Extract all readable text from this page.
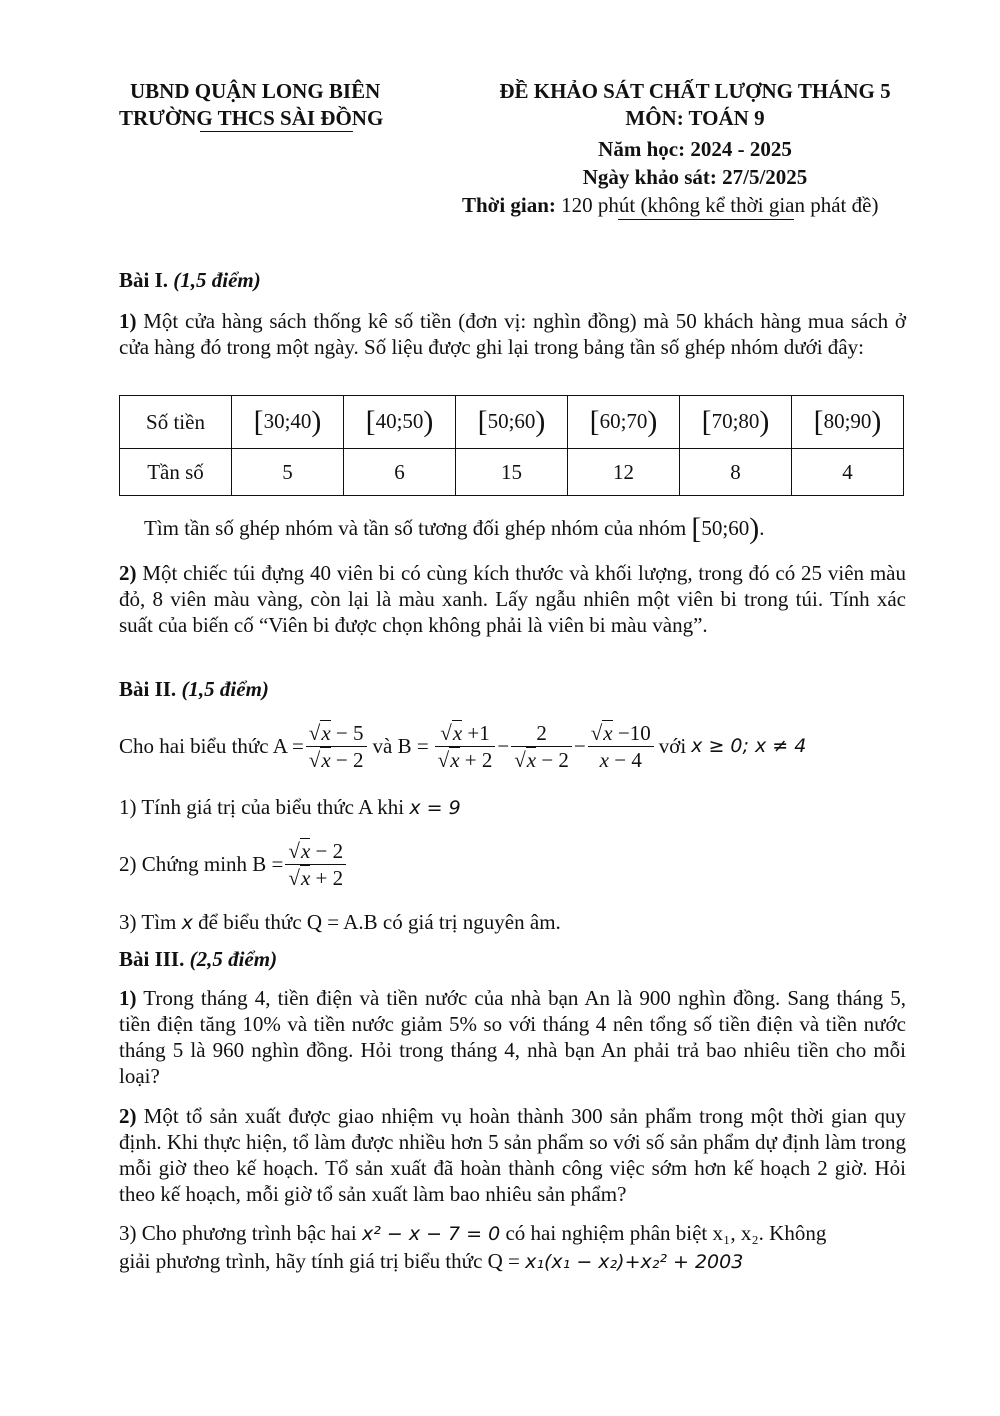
UBND QUẬN LONG BIÊN
TRƯỜNG THCS SÀI ĐỒNG
ĐỀ KHẢO SÁT CHẤT LƯỢNG THÁNG 5
MÔN: TOÁN 9
Năm học: 2024 - 2025
Ngày khảo sát: 27/5/2025
Thời gian: 120 phút (không kể thời gian phát đề)
Bài I. (1,5 điểm)
1) Một cửa hàng sách thống kê số tiền (đơn vị: nghìn đồng) mà 50 khách hàng mua sách ở cửa hàng đó trong một ngày. Số liệu được ghi lại trong bảng tần số ghép nhóm dưới đây:
Số tiền	[30;40)	[40;50)	[50;60)	[60;70)	[70;80)	[80;90)
Tần số	5	6	15	12	8	4
Tìm tần số ghép nhóm và tần số tương đối ghép nhóm của nhóm [50;60).
2) Một chiếc túi đựng 40 viên bi có cùng kích thước và khối lượng, trong đó có 25 viên màu đỏ, 8 viên màu vàng, còn lại là màu xanh. Lấy ngẫu nhiên một viên bi trong túi. Tính xác suất của biến cố “Viên bi được chọn không phải là viên bi màu vàng”.
Bài II. (1,5 điểm)
Cho hai biểu thức $A = \frac{√x - 5}{√x - 2}$ và $B = \frac{√x +1}{√x + 2} - \frac{2}{√x - 2} - \frac{√x -10}{x - 4}$ với x ≥ 0; x ≠ 4
1) Tính giá trị của biểu thức A khi x = 9
2) Chứng minh $B = \frac{√x - 2}{√x + 2}$
3) Tìm x để biểu thức Q = A.B có giá trị nguyên âm.
Bài III. (2,5 điểm)
1) Trong tháng 4, tiền điện và tiền nước của nhà bạn An là 900 nghìn đồng. Sang tháng 5, tiền điện tăng 10% và tiền nước giảm 5% so với tháng 4 nên tổng số tiền điện và tiền nước tháng 5 là 960 nghìn đồng. Hỏi trong tháng 4, nhà bạn An phải trả bao nhiêu tiền cho mỗi loại?
2) Một tổ sản xuất được giao nhiệm vụ hoàn thành 300 sản phẩm trong một thời gian quy định. Khi thực hiện, tổ làm được nhiều hơn 5 sản phẩm so với số sản phẩm dự định làm trong mỗi giờ theo kế hoạch. Tổ sản xuất đã hoàn thành công việc sớm hơn kế hoạch 2 giờ. Hỏi theo kế hoạch, mỗi giờ tổ sản xuất làm bao nhiêu sản phẩm?
3) Cho phương trình bậc hai x² − x − 7 = 0 có hai nghiệm phân biệt x₁, x₂. Không
giải phương trình, hãy tính giá trị biểu thức Q = x₁(x₁ − x₂)+x₂² + 2003
